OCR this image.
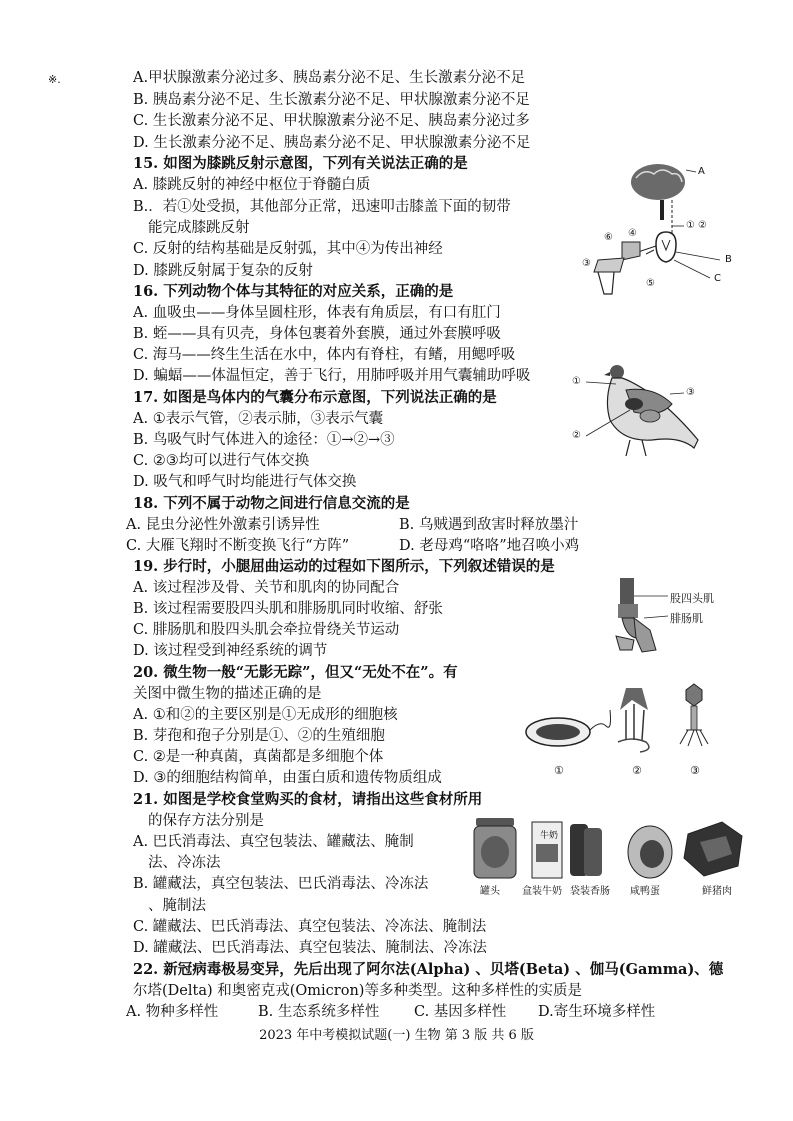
※.	A.甲状腺激素分泌过多、胰岛素分泌不足、生长激素分泌不足
B. 胰岛素分泌不足、生长激素分泌不足、甲状腺激素分泌不足
C. 生长激素分泌不足、甲状腺激素分泌不足、胰岛素分泌过多
D. 生长激素分泌不足、胰岛素分泌不足、甲状腺激素分泌不足
15. 如图为膝跳反射示意图，下列有关说法正确的是
A. 膝跳反射的神经中枢位于脊髓白质
B.．若①处受损，其他部分正常，迅速叩击膝盖下面的韧带
能完成膝跳反射
C. 反射的结构基础是反射弧，其中④为传出神经
D. 膝跳反射属于复杂的反射
A
① ②
⑥ ④
③
⑤
B
C
16. 下列动物个体与其特征的对应关系，正确的是
A. 血吸虫——身体呈圆柱形，体表有角质层，有口有肛门
B. 蛭——具有贝壳，身体包裹着外套膜，通过外套膜呼吸
C. 海马——终生生活在水中，体内有脊柱，有鳍，用鳃呼吸
D. 蝙蝠——体温恒定，善于飞行，用肺呼吸并用气囊辅助呼吸
17. 如图是鸟体内的气囊分布示意图，下列说法正确的是
A. ①表示气管，②表示肺，③表示气囊
B. 鸟吸气时气体进入的途径：①→②→③
C. ②③均可以进行气体交换
D. 吸气和呼气时均能进行气体交换
①
③
②
18. 下列不属于动物之间进行信息交流的是
A. 昆虫分泌性外激素引诱异性	B. 乌贼遇到敌害时释放墨汁
C. 大雁飞翔时不断变换飞行“方阵”	D. 老母鸡“咯咯”地召唤小鸡
19. 步行时，小腿屈曲运动的过程如下图所示，下列叙述错误的是
A. 该过程涉及骨、关节和肌肉的协同配合
B. 该过程需要股四头肌和腓肠肌同时收缩、舒张
C. 腓肠肌和股四头肌会牵拉骨绕关节运动
D. 该过程受到神经系统的调节
股四头肌
腓肠肌
20. 微生物一般“无影无踪”，但又“无处不在”。有
关图中微生物的描述正确的是
A. ①和②的主要区别是①无成形的细胞核
B. 芽孢和孢子分别是①、②的生殖细胞
C. ②是一种真菌，真菌都是多细胞个体
D. ③的细胞结构简单，由蛋白质和遗传物质组成	①	②	③
21. 如图是学校食堂购买的食材，请指出这些食材所用
的保存方法分别是
A. 巴氏消毒法、真空包装法、罐藏法、腌制
法、冷冻法
B. 罐藏法，真空包装法、巴氏消毒法、冷冻法
、腌制法
C. 罐藏法、巴氏消毒法、真空包装法、冷冻法、腌制法
D. 罐藏法、巴氏消毒法、真空包装法、腌制法、冷冻法
牛奶
罐头 盒装牛奶 袋装香肠 咸鸭蛋	鲜猪肉
22. 新冠病毒极易变异，先后出现了阿尔法(Alpha) 、贝塔(Beta) 、伽马(Gamma)、德
尔塔(Delta) 和奥密克戎(Omicron)等多种类型。这种多样性的实质是
A. 物种多样性	B. 生态系统多样性 C. 基因多样性 D.寄生环境多样性
2023 年中考模拟试题(一) 生物 第 3 版 共 6 版
